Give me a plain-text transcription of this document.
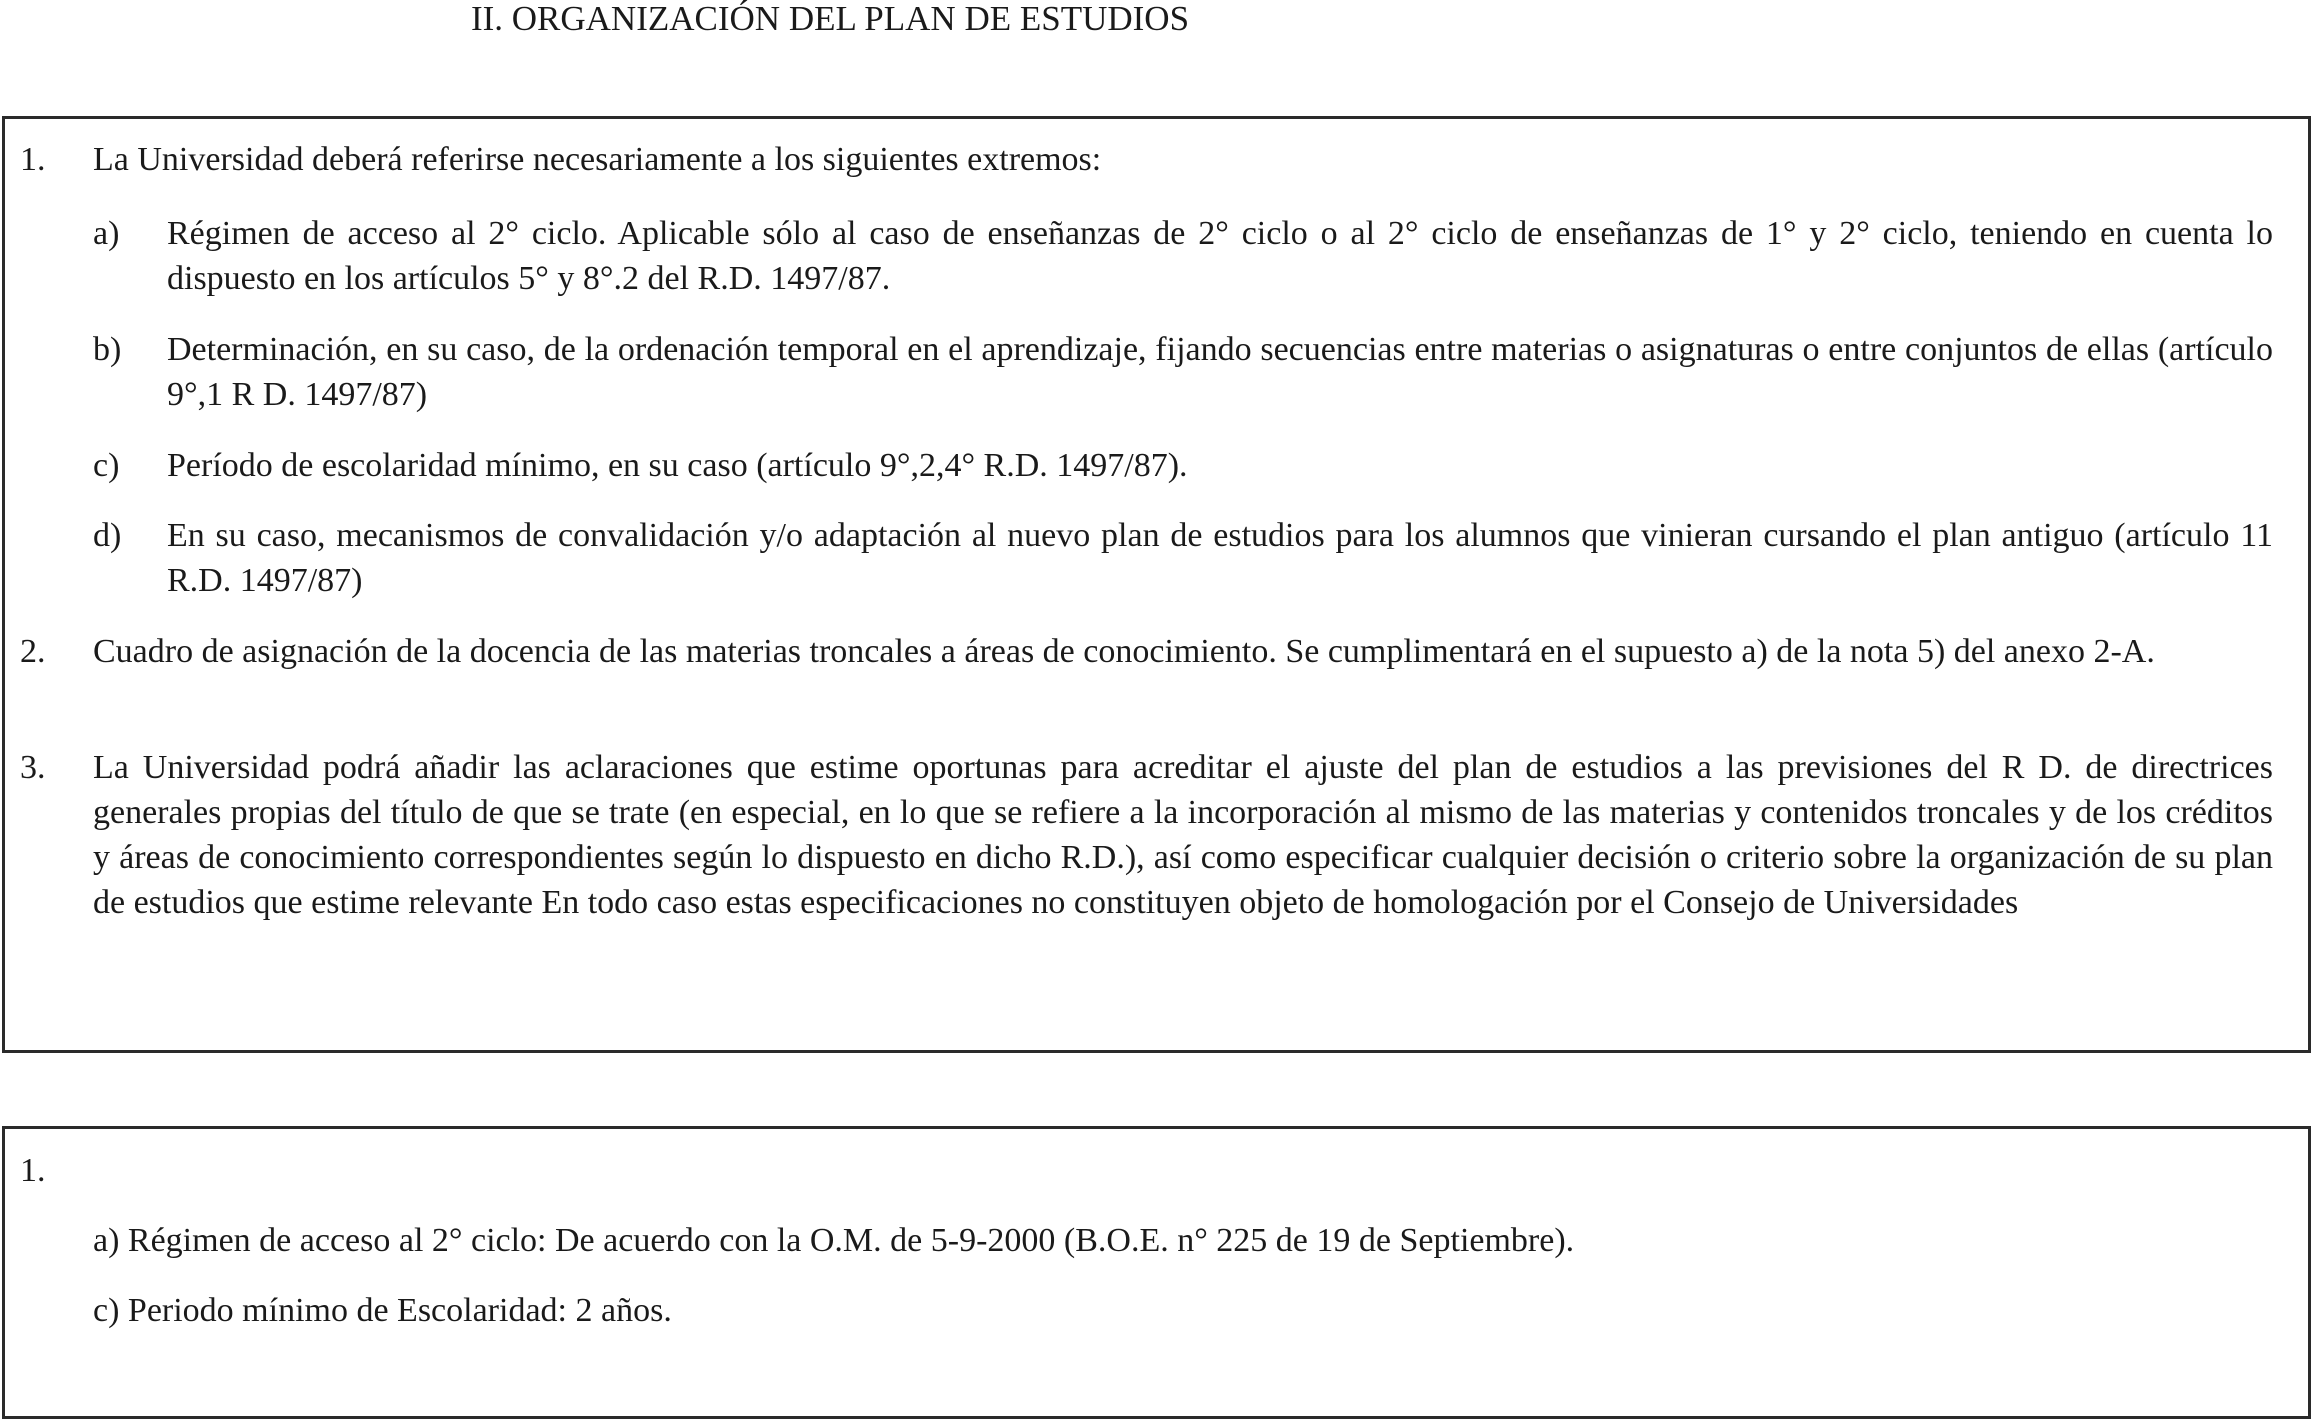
II. ORGANIZACIÓN DEL PLAN DE ESTUDIOS
1. La Universidad deberá referirse necesariamente a los siguientes extremos:
a) Régimen de acceso al 2° ciclo. Aplicable sólo al caso de enseñanzas de 2° ciclo o al 2° ciclo de enseñanzas de 1° y 2° ciclo, teniendo en cuenta lo dispuesto en los artículos 5° y 8°.2 del R.D. 1497/87.
b) Determinación, en su caso, de la ordenación temporal en el aprendizaje, fijando secuencias entre materias o asignaturas o entre conjuntos de ellas (artículo 9°,1 R D. 1497/87)
c) Período de escolaridad mínimo, en su caso (artículo 9°,2,4° R.D. 1497/87).
d) En su caso, mecanismos de convalidación y/o adaptación al nuevo plan de estudios para los alumnos que vinieran cursando el plan antiguo (artículo 11 R.D. 1497/87)
2. Cuadro de asignación de la docencia de las materias troncales a áreas de conocimiento. Se cumplimentará en el supuesto a) de la nota 5) del anexo 2-A.
3. La Universidad podrá añadir las aclaraciones que estime oportunas para acreditar el ajuste del plan de estudios a las previsiones del R D. de directrices generales propias del título de que se trate (en especial, en lo que se refiere a la incorporación al mismo de las materias y contenidos troncales y de los créditos y áreas de conocimiento correspondientes según lo dispuesto en dicho R.D.), así como especificar cualquier decisión o criterio sobre la organización de su plan de estudios que estime relevante En todo caso estas especificaciones no constituyen objeto de homologación por el Consejo de Universidades
1.
a) Régimen de acceso al 2° ciclo: De acuerdo con la O.M. de 5-9-2000 (B.O.E. n° 225 de 19 de Septiembre).
c) Periodo mínimo de Escolaridad: 2 años.
